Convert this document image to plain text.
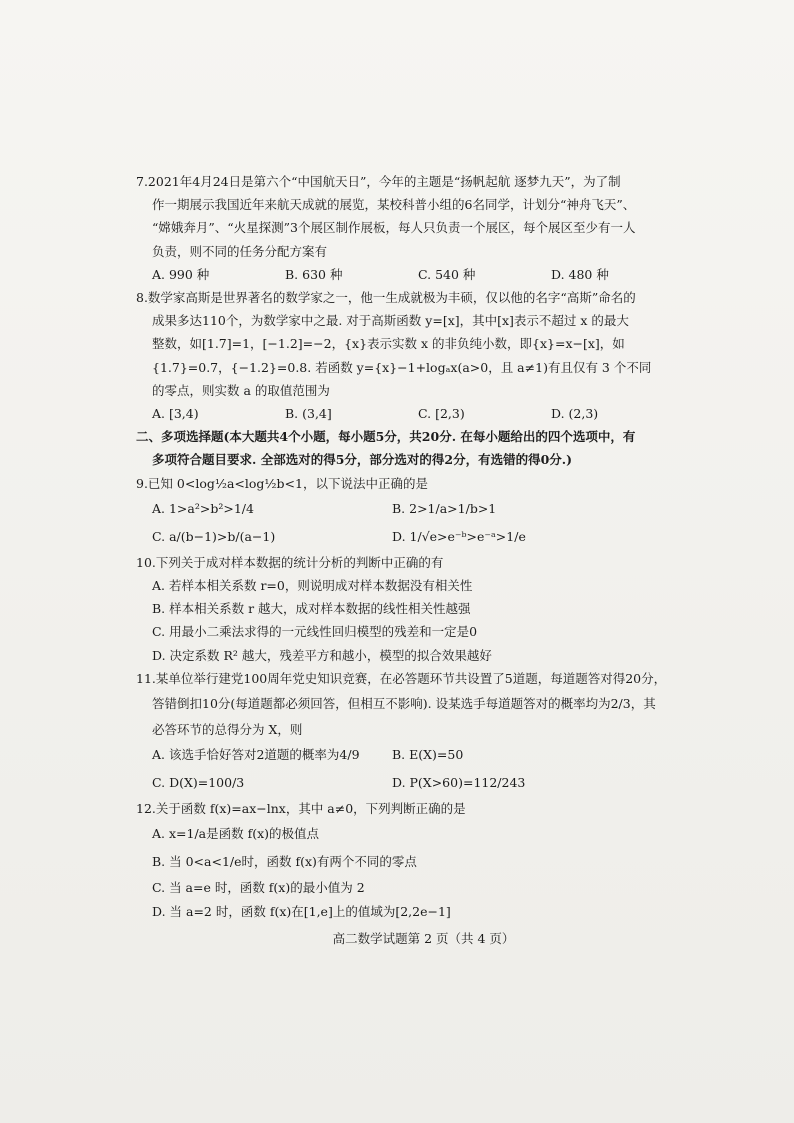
7.2021年4月24日是第六个“中国航天日”，今年的主题是“扬帆起航 逐梦九天”，为了制
作一期展示我国近年来航天成就的展览，某校科普小组的6名同学，计划分“神舟飞天”、
“嫦娥奔月”、“火星探测”3个展区制作展板，每人只负责一个展区，每个展区至少有一人
负责，则不同的任务分配方案有
A. 990 种	B. 630 种	C. 540 种	D. 480 种
8.数学家高斯是世界著名的数学家之一，他一生成就极为丰硕，仅以他的名字“高斯”命名的
成果多达110个，为数学家中之最. 对于高斯函数 y=[x]，其中[x]表示不超过 x 的最大
整数，如[1.7]=1，[−1.2]=−2，{x}表示实数 x 的非负纯小数，即{x}=x−[x]，如
{1.7}=0.7，{−1.2}=0.8. 若函数 y={x}−1+logₐx(a>0，且 a≠1)有且仅有 3 个不同
的零点，则实数 a 的取值范围为
A. [3,4)	B. (3,4]	C. [2,3)	D. (2,3)
二、多项选择题(本大题共4个小题，每小题5分，共20分. 在每小题给出的四个选项中，有
多项符合题目要求. 全部选对的得5分，部分选对的得2分，有选错的得0分.)
9.已知 0<log½a<log½b<1，以下说法中正确的是
A. 1>a²>b²>1/4	B. 2>1/a>1/b>1
C. a/(b−1)>b/(a−1)	D. 1/√e>e⁻ᵇ>e⁻ᵃ>1/e
10.下列关于成对样本数据的统计分析的判断中正确的有
A. 若样本相关系数 r=0，则说明成对样本数据没有相关性
B. 样本相关系数 r 越大，成对样本数据的线性相关性越强
C. 用最小二乘法求得的一元线性回归模型的残差和一定是0
D. 决定系数 R² 越大，残差平方和越小，模型的拟合效果越好
11.某单位举行建党100周年党史知识竞赛，在必答题环节共设置了5道题，每道题答对得20分，
答错倒扣10分(每道题都必须回答，但相互不影响). 设某选手每道题答对的概率均为2/3，其
必答环节的总得分为 X，则
A. 该选手恰好答对2道题的概率为4/9	B. E(X)=50
C. D(X)=100/3	D. P(X>60)=112/243
12.关于函数 f(x)=ax−lnx，其中 a≠0，下列判断正确的是
A. x=1/a是函数 f(x)的极值点
B. 当 0<a<1/e时，函数 f(x)有两个不同的零点
C. 当 a=e 时，函数 f(x)的最小值为 2
D. 当 a=2 时，函数 f(x)在[1,e]上的值域为[2,2e−1]
高二数学试题第 2 页（共 4 页）
